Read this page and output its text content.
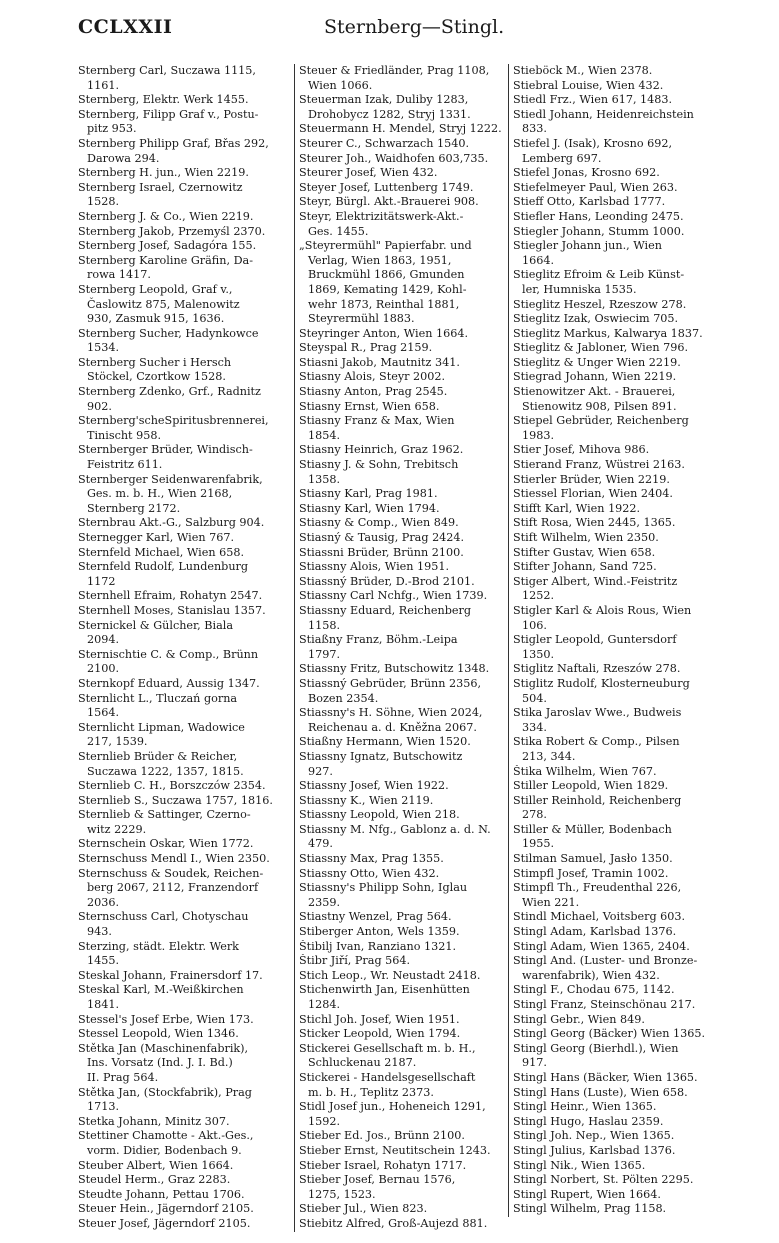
CCLXXII	Sternberg—Stingl.
Sternberg Carl, Suczawa 1115,
1161.
Sternberg, Elektr. Werk 1455.
Sternberg, Filipp Graf v., Postu-
pitz 953.
Sternberg Philipp Graf, Břas 292,
Darowa 294.
Sternberg H. jun., Wien 2219.
Sternberg Israel, Czernowitz
1528.
Sternberg J. & Co., Wien 2219.
Sternberg Jakob, Przemyśl 2370.
Sternberg Josef, Sadagóra 155.
Sternberg Karoline Gräfin, Da-
rowa 1417.
Sternberg Leopold, Graf v.,
Časlowitz 875, Malenowitz
930, Zasmuk 915, 1636.
Sternberg Sucher, Hadynkowce
1534.
Sternberg Sucher i Hersch
Stöckel, Czortkow 1528.
Sternberg Zdenko, Grf., Radnitz
902.
Sternberg'scheSpiritusbrennerei,
Tinischt 958.
Sternberger Brüder, Windisch-
Feistritz 611.
Sternberger Seidenwarenfabrik,
Ges. m. b. H., Wien 2168,
Sternberg 2172.
Sternbrau Akt.-G., Salzburg 904.
Sternegger Karl, Wien 767.
Sternfeld Michael, Wien 658.
Sternfeld Rudolf, Lundenburg
1172
Sternhell Efraim, Rohatyn 2547.
Sternhell Moses, Stanislau 1357.
Sternickel & Gülcher, Biala
2094.
Sternischtie C. & Comp., Brünn
2100.
Sternkopf Eduard, Aussig 1347.
Sternlicht L., Tluczań gorna
1564.
Sternlicht Lipman, Wadowice
217, 1539.
Sternlieb Brüder & Reicher,
Suczawa 1222, 1357, 1815.
Sternlieb C. H., Borszczów 2354.
Sternlieb S., Suczawa 1757, 1816.
Sternlieb & Sattinger, Czerno-
witz 2229.
Sternschein Oskar, Wien 1772.
Sternschuss Mendl I., Wien 2350.
Sternschuss & Soudek, Reichen-
berg 2067, 2112, Franzendorf
2036.
Sternschuss Carl, Chotyschau
943.
Sterzing, städt. Elektr. Werk
1455.
Steskal Johann, Frainersdorf 17.
Steskal Karl, M.-Weißkirchen
1841.
Stessel's Josef Erbe, Wien 173.
Stessel Leopold, Wien 1346.
Stětka Jan (Maschinenfabrik),
Ins. Vorsatz (Ind. J. I. Bd.)
II. Prag 564.
Stětka Jan, (Stockfabrik), Prag
1713.
Stetka Johann, Minitz 307.
Stettiner Chamotte - Akt.-Ges.,
vorm. Didier, Bodenbach 9.
Steuber Albert, Wien 1664.
Steudel Herm., Graz 2283.
Steudte Johann, Pettau 1706.
Steuer Hein., Jägerndorf 2105.
Steuer Josef, Jägerndorf 2105.
Steuer & Friedländer, Prag 1108,
Wien 1066.
Steuerman Izak, Duliby 1283,
Drohobycz 1282, Stryj 1331.
Steuermann H. Mendel, Stryj 1222.
Steurer C., Schwarzach 1540.
Steurer Joh., Waidhofen 603,735.
Steurer Josef, Wien 432.
Steyer Josef, Luttenberg 1749.
Steyr, Bürgl. Akt.-Brauerei 908.
Steyr, Elektrizitätswerk-Akt.-
Ges. 1455.
„Steyrermühl" Papierfabr. und
Verlag, Wien 1863, 1951,
Bruckmühl 1866, Gmunden
1869, Kemating 1429, Kohl-
wehr 1873, Reinthal 1881,
Steyrermühl 1883.
Steyringer Anton, Wien 1664.
Steyspal R., Prag 2159.
Stiasni Jakob, Mautnitz 341.
Stiasny Alois, Steyr 2002.
Stiasny Anton, Prag 2545.
Stiasny Ernst, Wien 658.
Stiasny Franz & Max, Wien
1854.
Stiasny Heinrich, Graz 1962.
Stiasny J. & Sohn, Trebitsch
1358.
Stiasny Karl, Prag 1981.
Stiasny Karl, Wien 1794.
Stiasny & Comp., Wien 849.
Stiasný & Tausig, Prag 2424.
Stiassni Brüder, Brünn 2100.
Stiassny Alois, Wien 1951.
Stiassný Brüder, D.-Brod 2101.
Stiassny Carl Nchfg., Wien 1739.
Stiassny Eduard, Reichenberg
1158.
Stiaßny Franz, Böhm.-Leipa
1797.
Stiassny Fritz, Butschowitz 1348.
Stiassný Gebrüder, Brünn 2356,
Bozen 2354.
Stiassny's H. Söhne, Wien 2024,
Reichenau a. d. Kněžna 2067.
Stiaßny Hermann, Wien 1520.
Stiassny Ignatz, Butschowitz
927.
Stiassny Josef, Wien 1922.
Stiassny K., Wien 2119.
Stiassny Leopold, Wien 218.
Stiassny M. Nfg., Gablonz a. d. N.
479.
Stiassny Max, Prag 1355.
Stiassny Otto, Wien 432.
Stiassny's Philipp Sohn, Iglau
2359.
Stiastny Wenzel, Prag 564.
Stiberger Anton, Wels 1359.
Štibilj Ivan, Ranziano 1321.
Štibr Jiří, Prag 564.
Stich Leop., Wr. Neustadt 2418.
Stichenwirth Jan, Eisenhütten
1284.
Stichl Joh. Josef, Wien 1951.
Sticker Leopold, Wien 1794.
Stickerei Gesellschaft m. b. H.,
Schluckenau 2187.
Stickerei - Handelsgesellschaft
m. b. H., Teplitz 2373.
Stidl Josef jun., Hoheneich 1291,
1592.
Stieber Ed. Jos., Brünn 2100.
Stieber Ernst, Neutitschein 1243.
Stieber Israel, Rohatyn 1717.
Stieber Josef, Bernau 1576,
1275, 1523.
Stieber Jul., Wien 823.
Stiebitz Alfred, Groß-Aujezd 881.
Stieböck M., Wien 2378.
Stiebral Louise, Wien 432.
Stiedl Frz., Wien 617, 1483.
Stiedl Johann, Heidenreichstein
833.
Stiefel J. (Isak), Krosno 692,
Lemberg 697.
Stiefel Jonas, Krosno 692.
Stiefelmeyer Paul, Wien 263.
Stieff Otto, Karlsbad 1777.
Stiefler Hans, Leonding 2475.
Stiegler Johann, Stumm 1000.
Stiegler Johann jun., Wien
1664.
Stieglitz Efroim & Leib Künst-
ler, Humniska 1535.
Stieglitz Heszel, Rzeszow 278.
Stieglitz Izak, Oswiecim 705.
Stieglitz Markus, Kalwarya 1837.
Stieglitz & Jabloner, Wien 796.
Stieglitz & Unger Wien 2219.
Stiegrad Johann, Wien 2219.
Stienowitzer Akt. - Brauerei,
Stienowitz 908, Pilsen 891.
Stiepel Gebrüder, Reichenberg
1983.
Stier Josef, Mihova 986.
Stierand Franz, Wüstrei 2163.
Stierler Brüder, Wien 2219.
Stiessel Florian, Wien 2404.
Stifft Karl, Wien 1922.
Stift Rosa, Wien 2445, 1365.
Stift Wilhelm, Wien 2350.
Stifter Gustav, Wien 658.
Stifter Johann, Sand 725.
Stiger Albert, Wind.-Feistritz
1252.
Stigler Karl & Alois Rous, Wien
106.
Stigler Leopold, Guntersdorf
1350.
Stiglitz Naftali, Rzeszów 278.
Stiglitz Rudolf, Klosterneuburg
504.
Stika Jaroslav Wwe., Budweis
334.
Stika Robert & Comp., Pilsen
213, 344.
Štika Wilhelm, Wien 767.
Stiller Leopold, Wien 1829.
Stiller Reinhold, Reichenberg
278.
Stiller & Müller, Bodenbach
1955.
Stilman Samuel, Jasło 1350.
Stimpfl Josef, Tramin 1002.
Stimpfl Th., Freudenthal 226,
Wien 221.
Stindl Michael, Voitsberg 603.
Stingl Adam, Karlsbad 1376.
Stingl Adam, Wien 1365, 2404.
Stingl And. (Luster- und Bronze-
warenfabrik), Wien 432.
Stingl F., Chodau 675, 1142.
Stingl Franz, Steinschönau 217.
Stingl Gebr., Wien 849.
Stingl Georg (Bäcker) Wien 1365.
Stingl Georg (Bierhdl.), Wien
917.
Stingl Hans (Bäcker, Wien 1365.
Stingl Hans (Luste), Wien 658.
Stingl Heinr., Wien 1365.
Stingl Hugo, Haslau 2359.
Stingl Joh. Nep., Wien 1365.
Stingl Julius, Karlsbad 1376.
Stingl Nik., Wien 1365.
Stingl Norbert, St. Pölten 2295.
Stingl Rupert, Wien 1664.
Stingl Wilhelm, Prag 1158.
